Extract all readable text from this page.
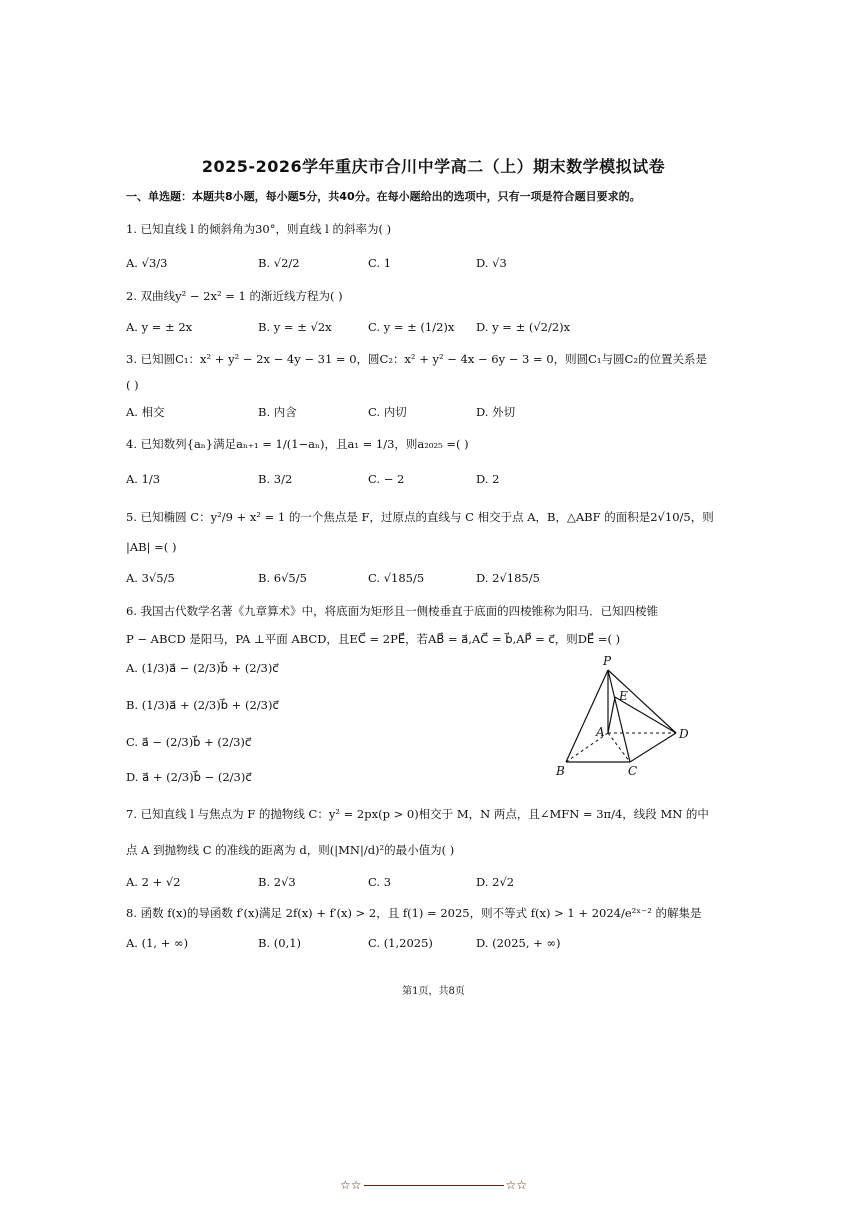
2025-2026学年重庆市合川中学高二（上）期末数学模拟试卷
一、单选题：本题共8小题，每小题5分，共40分。在每小题给出的选项中，只有一项是符合题目要求的。
1. 已知直线 l 的倾斜角为30°，则直线 l 的斜率为( )
A. √3/3	B. √2/2	C. 1	D. √3
2. 双曲线y² − 2x² = 1 的渐近线方程为( )
A. y = ± 2x	B. y = ± √2x	C. y = ± (1/2)x D. y = ± (√2/2)x
3. 已知圆C₁：x² + y² − 2x − 4y − 31 = 0，圆C₂：x² + y² − 4x − 6y − 3 = 0，则圆C₁与圆C₂的位置关系是
( )
A. 相交	B. 内含	C. 内切	D. 外切
4. 已知数列{aₙ}满足aₙ₊₁ = 1/(1−aₙ)，且a₁ = 1/3，则a₂₀₂₅ =( )
A. 1/3	B. 3/2	C. − 2	D. 2
5. 已知椭圆 C：y²/9 + x² = 1 的一个焦点是 F，过原点的直线与 C 相交于点 A，B，△ABF 的面积是2√10/5，则
|AB| =( )
A. 3√5/5	B. 6√5/5	C. √185/5	D. 2√185/5
6. 我国古代数学名著《九章算术》中，将底面为矩形且一侧棱垂直于底面的四棱锥称为阳马．已知四棱锥
P − ABCD 是阳马，PA ⊥平面 ABCD，且EC⃗ = 2PE⃗，若AB⃗ = a⃗,AC⃗ = b⃗,AP⃗ = c⃗，则DE⃗ =( )
A. (1/3)a⃗ − (2/3)b⃗ + (2/3)c⃗
B. (1/3)a⃗ + (2/3)b⃗ + (2/3)c⃗
C. a⃗ − (2/3)b⃗ + (2/3)c⃗
D. a⃗ + (2/3)b⃗ − (2/3)c⃗
P
E
A	D
B	C
7. 已知直线 l 与焦点为 F 的抛物线 C：y² = 2px(p > 0)相交于 M，N 两点，且∠MFN = 3π/4，线段 MN 的中
点 A 到抛物线 C 的准线的距离为 d，则(|MN|/d)²的最小值为( )
A. 2 + √2	B. 2√3	C. 3	D. 2√2
8. 函数 f(x)的导函数 f′(x)满足 2f(x) + f′(x) > 2，且 f(1) = 2025，则不等式 f(x) > 1 + 2024/e²ˣ⁻² 的解集是
A. (1, + ∞)	B. (0,1)	C. (1,2025)	D. (2025, + ∞)
第1页，共8页
☆☆	☆☆
